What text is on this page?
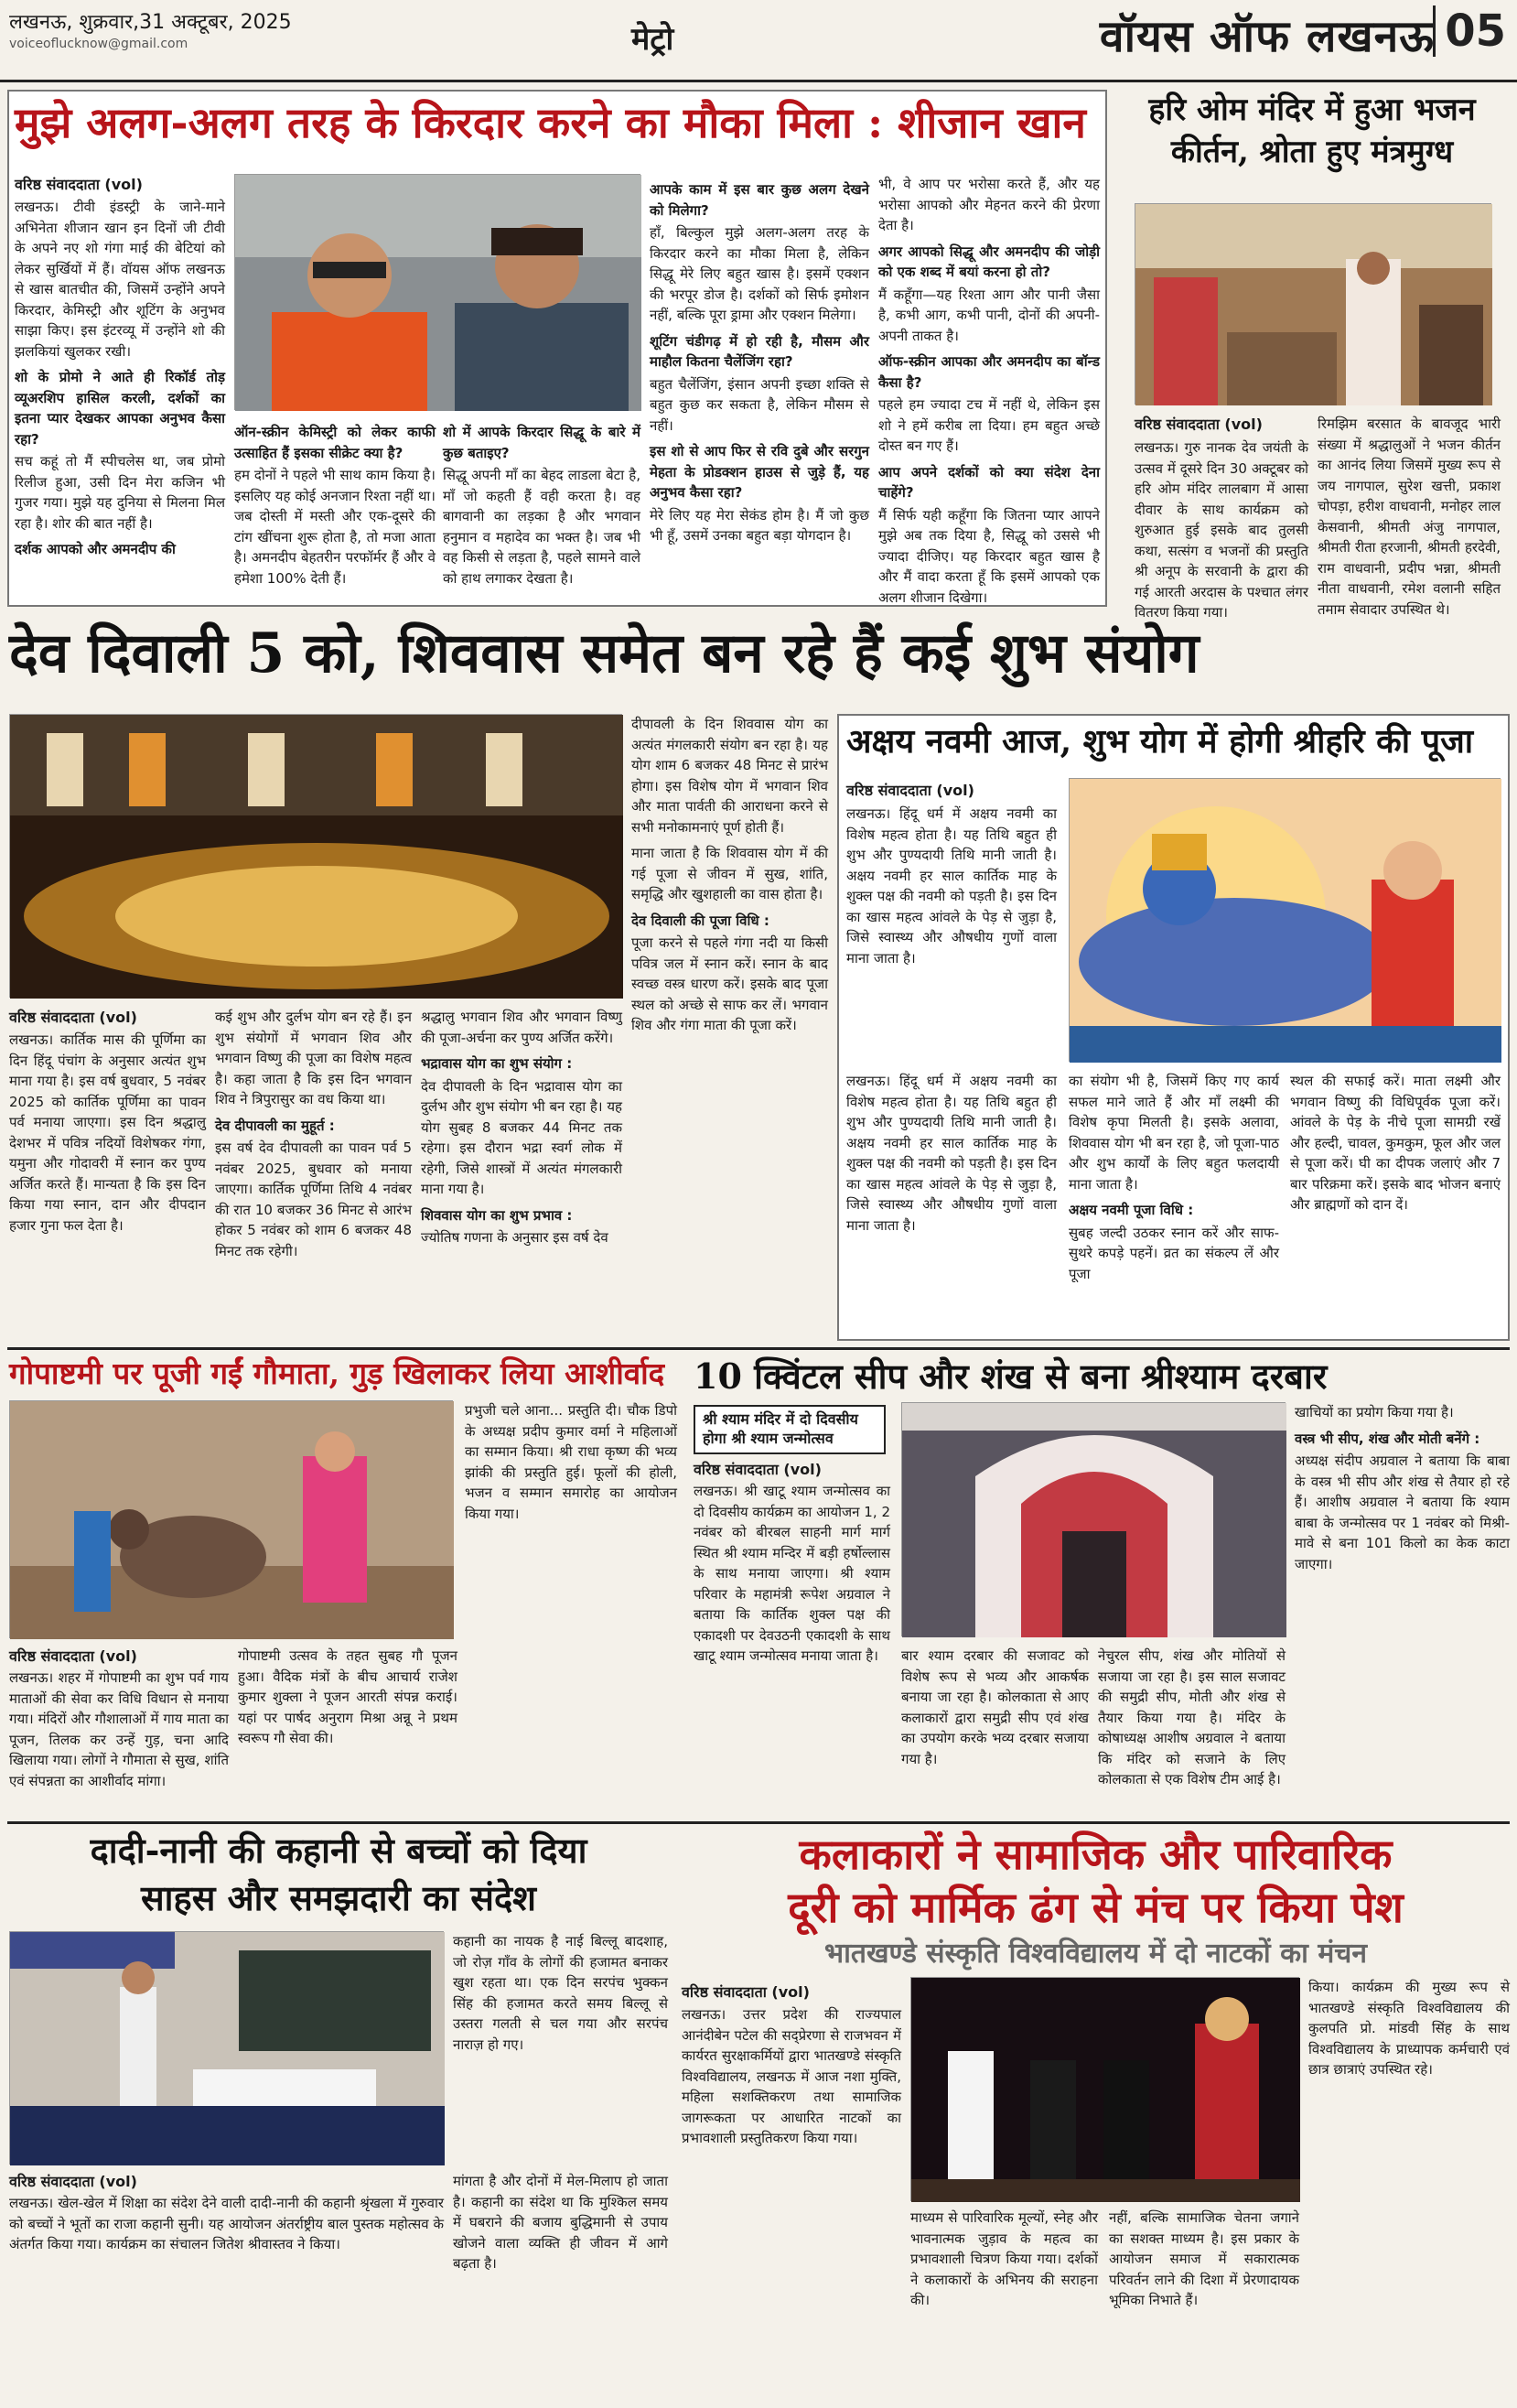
लखनऊ, शुक्रवार,31 अक्टूबर, 2025
voiceoflucknow@gmail.com	मेट्रो	वॉयस ऑफ लखनऊ 05
मुझे अलग-अलग तरह के किरदार करने का मौका मिला : शीजान खान
वरिष्ठ संवाददाता (vol)

लखनऊ। टीवी इंडस्ट्री के जाने-माने अभिनेता शीजान खान इन दिनों जी टीवी के अपने नए शो गंगा माई की बेटियां को लेकर सुर्खियों में हैं। वॉयस ऑफ लखनऊ से खास बातचीत की, जिसमें उन्होंने अपने किरदार, केमिस्ट्री और शूटिंग के अनुभव साझा किए। इस इंटरव्यू में उन्होंने शो की झलकियां खुलकर रखी।

शो के प्रोमो ने आते ही रिकॉर्ड तोड़ व्यूअरशिप हासिल करली, दर्शकों का इतना प्यार देखकर आपका अनुभव कैसा रहा?

सच कहूं तो मैं स्पीचलेस था, जब प्रोमो रिलीज हुआ, उसी दिन मेरा कजिन भी गुजर गया। मुझे यह दुनिया से मिलना मिल रहा है। शोर की बात नहीं है।

दर्शक आपको और अमनदीप की
ऑन-स्क्रीन केमिस्ट्री को लेकर काफी उत्साहित हैं इसका सीक्रेट क्या है?

हम दोनों ने पहले भी साथ काम किया है। इसलिए यह कोई अनजान रिश्ता नहीं था। जब दोस्ती में मस्ती और एक-दूसरे की टांग खींचना शुरू होता है, तो मजा आता है। अमनदीप बेहतरीन परफॉर्मर हैं और वे हमेशा 100% देती हैं।

शो में आपके किरदार सिद्धू के बारे में कुछ बताइए?

सिद्धू अपनी माँ का बेहद लाडला बेटा है, माँ जो कहती हैं वही करता है। वह बागवानी का लड़का है और भगवान हनुमान व महादेव का भक्त है। जब भी वह किसी से लड़ता है, पहले सामने वाले को हाथ लगाकर देखता है।

आपके काम में इस बार कुछ अलग देखने को मिलेगा?

हाँ, बिल्कुल मुझे अलग-अलग तरह के किरदार करने का मौका मिला है, लेकिन सिद्धू मेरे लिए बहुत खास है। इसमें एक्शन की भरपूर डोज है। दर्शकों को सिर्फ इमोशन नहीं, बल्कि पूरा ड्रामा और एक्शन मिलेगा।

शूटिंग चंडीगढ़ में हो रही है, मौसम और माहौल कितना चैलेंजिंग रहा?

बहुत चैलेंजिंग, इंसान अपनी इच्छा शक्ति से बहुत कुछ कर सकता है, लेकिन मौसम से नहीं।

इस शो से आप फिर से रवि दुबे और सरगुन मेहता के प्रोडक्शन हाउस से जुड़े हैं, यह अनुभव कैसा रहा?

मेरे लिए यह मेरा सेकंड होम है। मैं जो कुछ भी हूँ, उसमें उनका बहुत बड़ा योगदान है।

भी, वे आप पर भरोसा करते हैं, और यह भरोसा आपको और मेहनत करने की प्रेरणा देता है।

अगर आपको सिद्धू और अमनदीप की जोड़ी को एक शब्द में बयां करना हो तो?

मैं कहूँगा—यह रिश्ता आग और पानी जैसा है, कभी आग, कभी पानी, दोनों की अपनी-अपनी ताकत है।

ऑफ-स्क्रीन आपका और अमनदीप का बॉन्ड कैसा है?

पहले हम ज्यादा टच में नहीं थे, लेकिन इस शो ने हमें करीब ला दिया। हम बहुत अच्छे दोस्त बन गए हैं।

आप अपने दर्शकों को क्या संदेश देना चाहेंगे?

मैं सिर्फ यही कहूँगा कि जितना प्यार आपने मुझे अब तक दिया है, सिद्धू को उससे भी ज्यादा दीजिए। यह किरदार बहुत खास है और मैं वादा करता हूँ कि इसमें आपको एक अलग शीजान दिखेगा।

हरि ओम मंदिर में हुआ भजन कीर्तन, श्रोता हुए मंत्रमुग्ध
वरिष्ठ संवाददाता (vol)
लखनऊ। गुरु नानक देव जयंती के उत्सव में दूसरे दिन 30 अक्टूबर को हरि ओम मंदिर लालबाग में आसा दीवार के साथ कार्यक्रम को शुरुआत हुई इसके बाद तुलसी कथा, सत्संग व भजनों की प्रस्तुति श्री अनूप के सरवानी के द्वारा की गई आरती अरदास के पश्चात लंगर वितरण किया गया।
रिमझिम बरसात के बावजूद भारी संख्या में श्रद्धालुओं ने भजन कीर्तन का आनंद लिया जिसमें मुख्य रूप से जय नागपाल, सुरेश खत्ती, प्रकाश चोपड़ा, हरीश वाधवानी, मनोहर लाल केसवानी, श्रीमती अंजु नागपाल, श्रीमती रीता हरजानी, श्रीमती हरदेवी, राम वाधवानी, प्रदीप भन्ना, श्रीमती नीता वाधवानी, रमेश वलानी सहित तमाम सेवादार उपस्थित थे।
देव दिवाली 5 को, शिववास समेत बन रहे हैं कई शुभ संयोग
वरिष्ठ संवाददाता (vol)
लखनऊ। कार्तिक मास की पूर्णिमा का दिन हिंदू पंचांग के अनुसार अत्यंत शुभ माना गया है। इस वर्ष बुधवार, 5 नवंबर 2025 को कार्तिक पूर्णिमा का पावन पर्व मनाया जाएगा। इस दिन श्रद्धालु देशभर में पवित्र नदियों विशेषकर गंगा, यमुना और गोदावरी में स्नान कर पुण्य अर्जित करते हैं। मान्यता है कि इस दिन किया गया स्नान, दान और दीपदान हजार गुना फल देता है।

कई शुभ और दुर्लभ योग बन रहे हैं। इन शुभ संयोगों में भगवान शिव और भगवान विष्णु की पूजा का विशेष महत्व है। कहा जाता है कि इस दिन भगवान शिव ने त्रिपुरासुर का वध किया था।

देव दीपावली का मुहूर्त :

इस वर्ष देव दीपावली का पावन पर्व 5 नवंबर 2025, बुधवार को मनाया जाएगा। कार्तिक पूर्णिमा तिथि 4 नवंबर की रात 10 बजकर 36 मिनट से आरंभ होकर 5 नवंबर को शाम 6 बजकर 48 मिनट तक रहेगी।

श्रद्धालु भगवान शिव और भगवान विष्णु की पूजा-अर्चना कर पुण्य अर्जित करेंगे।

भद्रावास योग का शुभ संयोग :

देव दीपावली के दिन भद्रावास योग का दुर्लभ और शुभ संयोग भी बन रहा है। यह योग सुबह 8 बजकर 44 मिनट तक रहेगा। इस दौरान भद्रा स्वर्ग लोक में रहेगी, जिसे शास्त्रों में अत्यंत मंगलकारी माना गया है।

शिववास योग का शुभ प्रभाव :

ज्योतिष गणना के अनुसार इस वर्ष देव

दीपावली के दिन शिववास योग का अत्यंत मंगलकारी संयोग बन रहा है। यह योग शाम 6 बजकर 48 मिनट से प्रारंभ होगा। इस विशेष योग में भगवान शिव और माता पार्वती की आराधना करने से सभी मनोकामनाएं पूर्ण होती हैं।

माना जाता है कि शिववास योग में की गई पूजा से जीवन में सुख, शांति, समृद्धि और खुशहाली का वास होता है।

देव दिवाली की पूजा विधि :

पूजा करने से पहले गंगा नदी या किसी पवित्र जल में स्नान करें। स्नान के बाद स्वच्छ वस्त्र धारण करें। इसके बाद पूजा स्थल को अच्छे से साफ कर लें। भगवान शिव और गंगा माता की पूजा करें।

अक्षय नवमी आज, शुभ योग में होगी श्रीहरि की पूजा
वरिष्ठ संवाददाता (vol)
लखनऊ। हिंदू धर्म में अक्षय नवमी का विशेष महत्व होता है। यह तिथि बहुत ही शुभ और पुण्यदायी तिथि मानी जाती है। अक्षय नवमी हर साल कार्तिक माह के शुक्ल पक्ष की नवमी को पड़ती है। इस दिन का खास महत्व आंवले के पेड़ से जुड़ा है, जिसे स्वास्थ्य और औषधीय गुणों वाला माना जाता है।
लखनऊ। हिंदू धर्म में अक्षय नवमी का विशेष महत्व होता है। यह तिथि बहुत ही शुभ और पुण्यदायी तिथि मानी जाती है। अक्षय नवमी हर साल कार्तिक माह के शुक्ल पक्ष की नवमी को पड़ती है। इस दिन का खास महत्व आंवले के पेड़ से जुड़ा है, जिसे स्वास्थ्य और औषधीय गुणों वाला माना जाता है।

का संयोग भी है, जिसमें किए गए कार्य सफल माने जाते हैं और माँ लक्ष्मी की विशेष कृपा मिलती है। इसके अलावा, शिववास योग भी बन रहा है, जो पूजा-पाठ और शुभ कार्यों के लिए बहुत फलदायी माना जाता है।

अक्षय नवमी पूजा विधि :

सुबह जल्दी उठकर स्नान करें और साफ-सुथरे कपड़े पहनें। व्रत का संकल्प लें और पूजा

स्थल की सफाई करें। माता लक्ष्मी और भगवान विष्णु की विधिपूर्वक पूजा करें। आंवले के पेड़ के नीचे पूजा सामग्री रखें और हल्दी, चावल, कुमकुम, फूल और जल से पूजा करें। घी का दीपक जलाएं और 7 बार परिक्रमा करें। इसके बाद भोजन बनाएं और ब्राह्मणों को दान दें।
गोपाष्टमी पर पूजी गईं गौमाता, गुड़ खिलाकर लिया आशीर्वाद
वरिष्ठ संवाददाता (vol)
लखनऊ। शहर में गोपाष्टमी का शुभ पर्व गाय माताओं की सेवा कर विधि विधान से मनाया गया। मंदिरों और गौशालाओं में गाय माता का पूजन, तिलक कर उन्हें गुड़, चना आदि खिलाया गया। लोगों ने गौमाता से सुख, शांति एवं संपन्नता का आशीर्वाद मांगा।
गोपाष्टमी उत्सव के तहत सुबह गौ पूजन हुआ। वैदिक मंत्रों के बीच आचार्य राजेश कुमार शुक्ला ने पूजन आरती संपन्न कराई। यहां पर पार्षद अनुराग मिश्रा अन्नू ने प्रथम स्वरूप गौ सेवा की।
प्रभुजी चले आना... प्रस्तुति दी। चौक डिपो के अध्यक्ष प्रदीप कुमार वर्मा ने महिलाओं का सम्मान किया। श्री राधा कृष्ण की भव्य झांकी की प्रस्तुति हुई। फूलों की होली, भजन व सम्मान समारोह का आयोजन किया गया।
10 क्विंटल सीप और शंख से बना श्रीश्याम दरबार
श्री श्याम मंदिर में दो दिवसीय होगा श्री श्याम जन्मोत्सव
वरिष्ठ संवाददाता (vol)
लखनऊ। श्री खाटू श्याम जन्मोत्सव का दो दिवसीय कार्यक्रम का आयोजन 1, 2 नवंबर को बीरबल साहनी मार्ग मार्ग स्थित श्री श्याम मन्दिर में बड़ी हर्षोल्लास के साथ मनाया जाएगा। श्री श्याम परिवार के महामंत्री रूपेश अग्रवाल ने बताया कि कार्तिक शुक्ल पक्ष की एकादशी पर देवउठनी एकादशी के साथ खाटू श्याम जन्मोत्सव मनाया जाता है।	बार श्याम दरबार की सजावट को विशेष रूप से भव्य और आकर्षक बनाया जा रहा है। कोलकाता से आए कलाकारों द्वारा समुद्री सीप एवं शंख का उपयोग करके भव्य दरबार सजाया गया है।
नेचुरल सीप, शंख और मोतियों से सजाया जा रहा है। इस साल सजावट की समुद्री सीप, मोती और शंख से तैयार किया गया है। मंदिर के कोषाध्यक्ष आशीष अग्रवाल ने बताया कि मंदिर को सजाने के लिए कोलकाता से एक विशेष टीम आई है।

खाचियों का प्रयोग किया गया है।

वस्त्र भी सीप, शंख और मोती बनेंगे :

अध्यक्ष संदीप अग्रवाल ने बताया कि बाबा के वस्त्र भी सीप और शंख से तैयार हो रहे हैं। आशीष अग्रवाल ने बताया कि श्याम बाबा के जन्मोत्सव पर 1 नवंबर को मिश्री-मावे से बना 101 किलो का केक काटा जाएगा।

दादी-नानी की कहानी से बच्चों को दिया
साहस और समझदारी का संदेश
वरिष्ठ संवाददाता (vol)
लखनऊ। खेल-खेल में शिक्षा का संदेश देने वाली दादी-नानी की कहानी श्रृंखला में गुरुवार को बच्चों ने भूतों का राजा कहानी सुनी। यह आयोजन अंतर्राष्ट्रीय बाल पुस्तक महोत्सव के अंतर्गत किया गया। कार्यक्रम का संचालन जितेश श्रीवास्तव ने किया।
कहानी का नायक है नाई बिल्लू बादशाह, जो रोज़ गाँव के लोगों की हजामत बनाकर खुश रहता था। एक दिन सरपंच भुक्कन सिंह की हजामत करते समय बिल्लू से उस्तरा गलती से चल गया और सरपंच नाराज़ हो गए।
मांगता है और दोनों में मेल-मिलाप हो जाता है। कहानी का संदेश था कि मुश्किल समय में घबराने की बजाय बुद्धिमानी से उपाय खोजने वाला व्यक्ति ही जीवन में आगे बढ़ता है।
कलाकारों ने सामाजिक और पारिवारिक
दूरी को मार्मिक ढंग से मंच पर किया पेश
भातखण्डे संस्कृति विश्वविद्यालय में दो नाटकों का मंचन
वरिष्ठ संवाददाता (vol)
लखनऊ। उत्तर प्रदेश की राज्यपाल आनंदीबेन पटेल की सद्प्रेरणा से राजभवन में कार्यरत सुरक्षाकर्मियों द्वारा भातखण्डे संस्कृति विश्वविद्यालय, लखनऊ में आज नशा मुक्ति, महिला सशक्तिकरण तथा सामाजिक जागरूकता पर आधारित नाटकों का प्रभावशाली प्रस्तुतिकरण किया गया।
माध्यम से पारिवारिक मूल्यों, स्नेह और भावनात्मक जुड़ाव के महत्व का प्रभावशाली चित्रण किया गया। दर्शकों ने कलाकारों के अभिनय की सराहना की।
नहीं, बल्कि सामाजिक चेतना जगाने का सशक्त माध्यम है। इस प्रकार के आयोजन समाज में सकारात्मक परिवर्तन लाने की दिशा में प्रेरणादायक भूमिका निभाते हैं।
किया। कार्यक्रम की मुख्य रूप से भातखण्डे संस्कृति विश्वविद्यालय की कुलपति प्रो. मांडवी सिंह के साथ विश्वविद्यालय के प्राध्यापक कर्मचारी एवं छात्र छात्राएं उपस्थित रहे।
